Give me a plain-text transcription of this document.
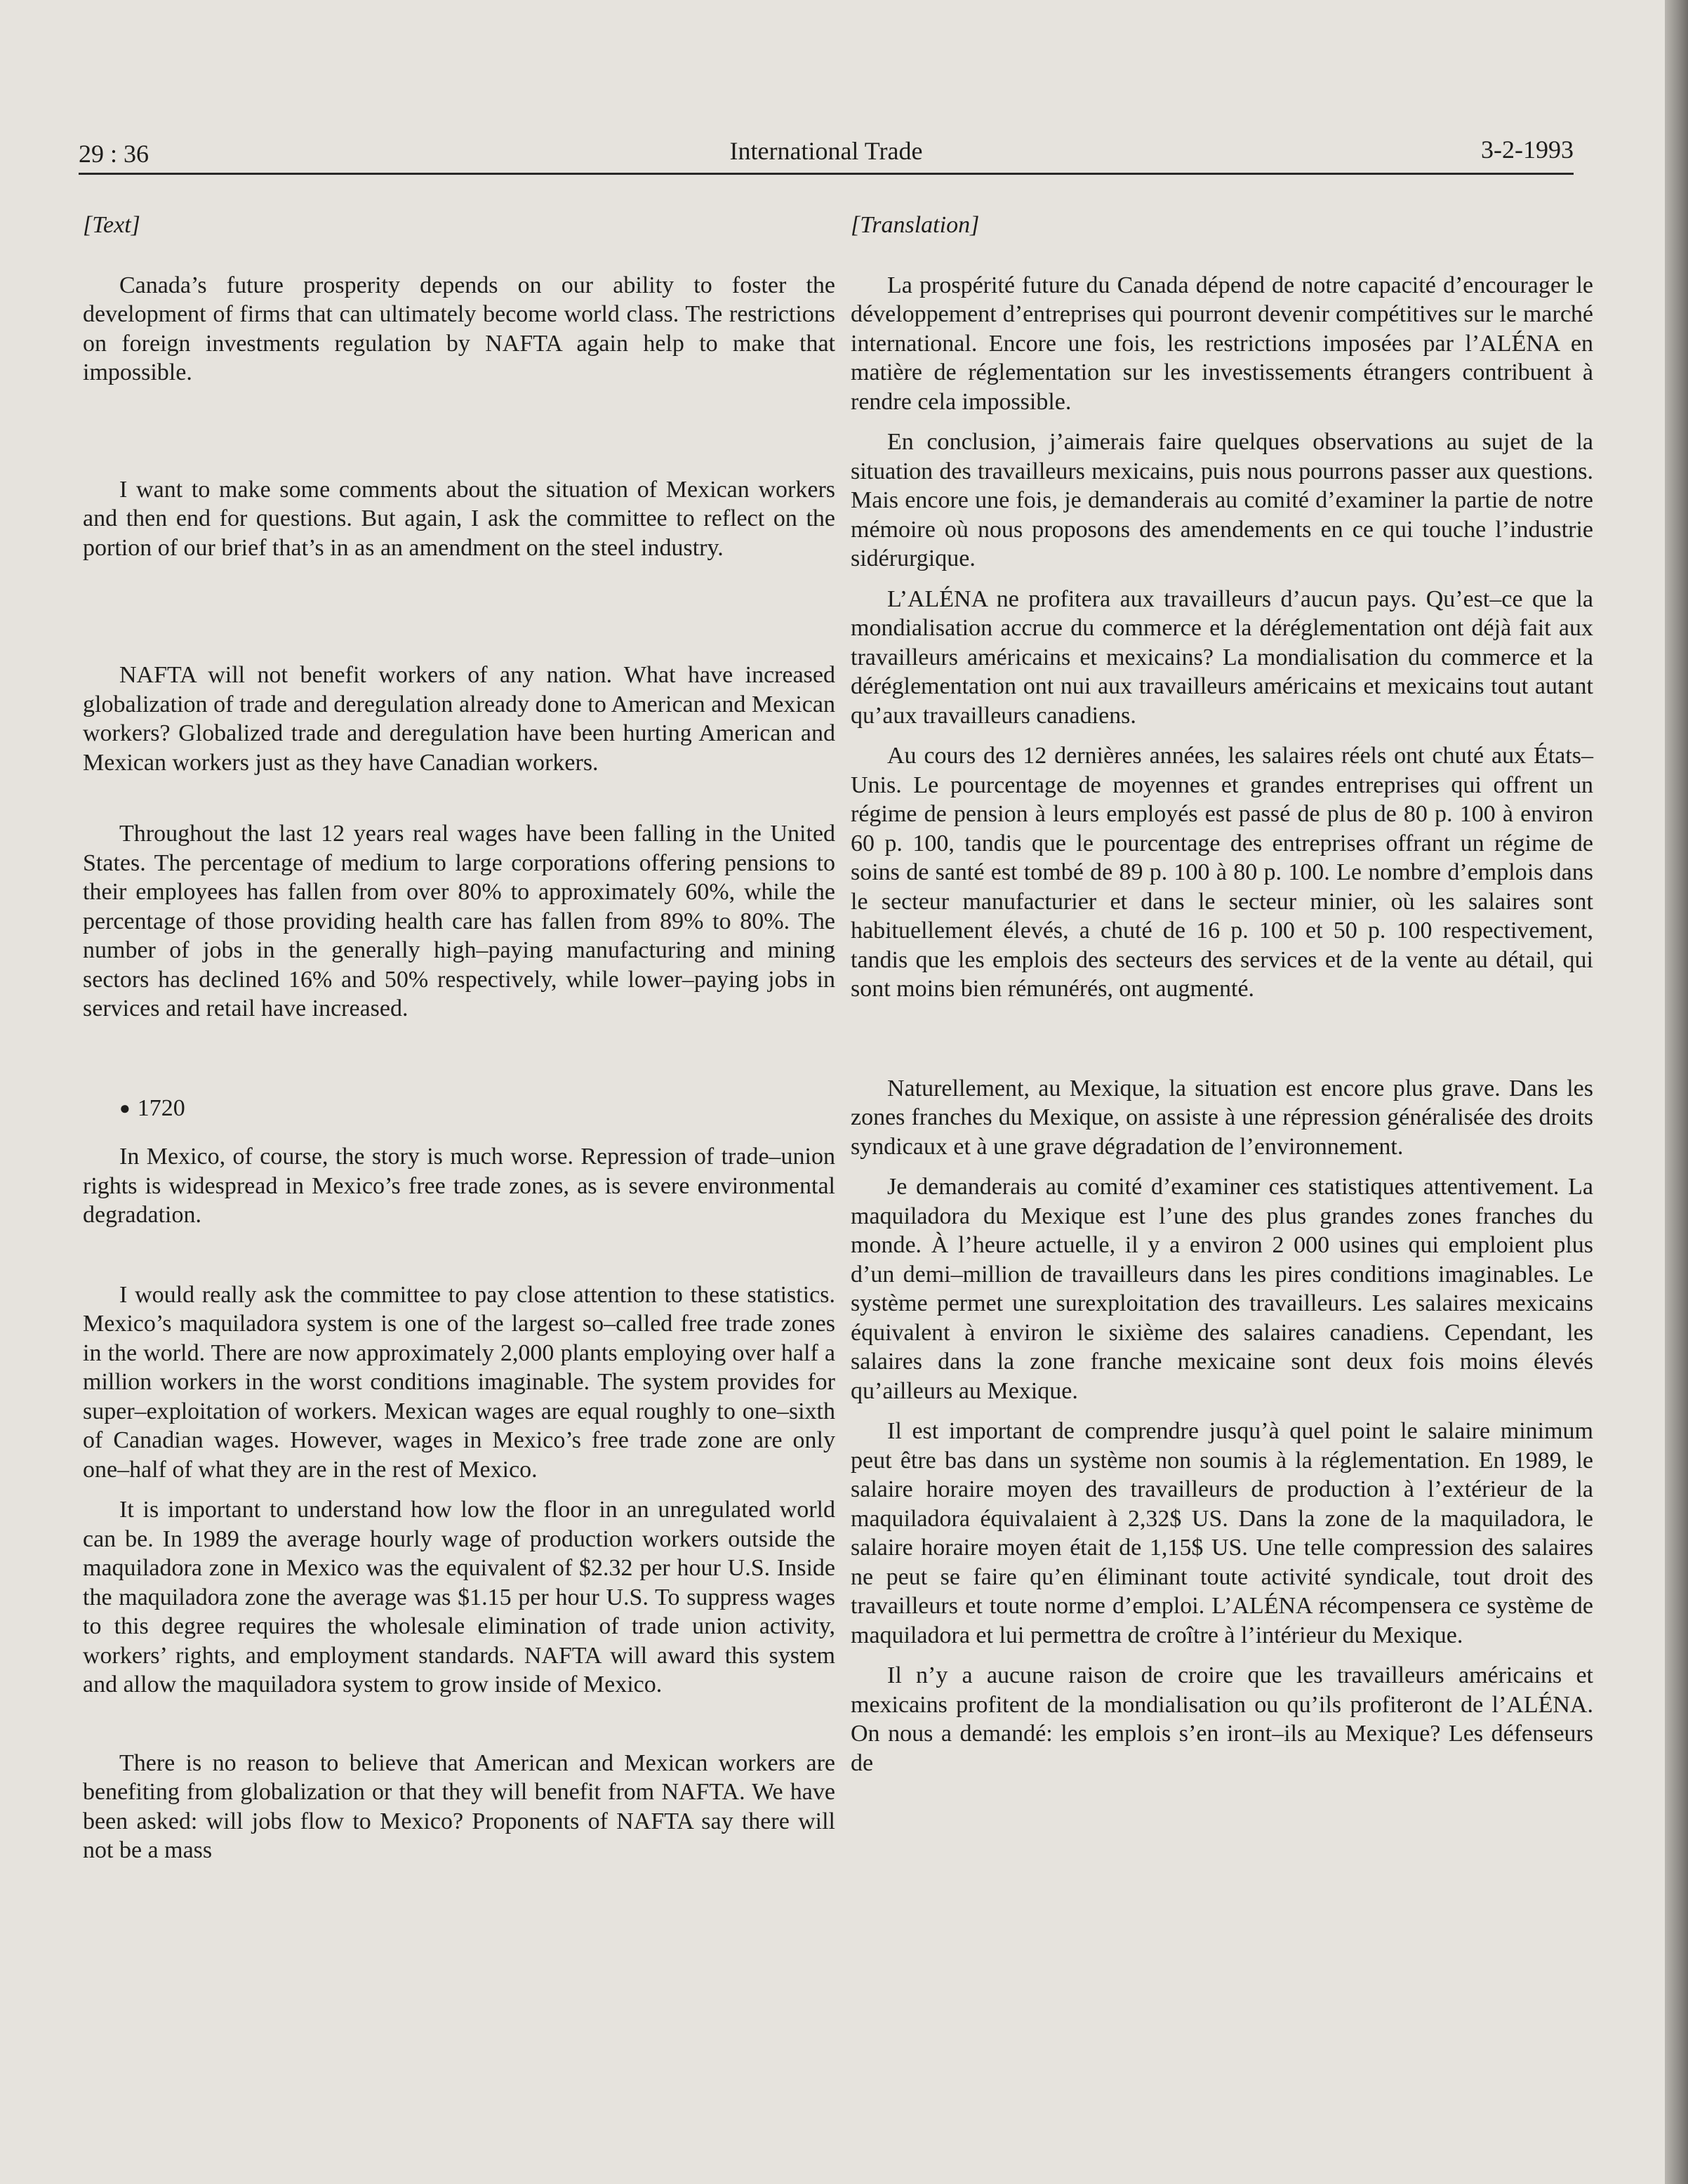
29 : 36	International Trade	3-2-1993

[Text]

Canada’s future prosperity depends on our ability to foster the development of firms that can ultimately become world class. The restrictions on foreign investments regulation by NAFTA again help to make that impossible.

I want to make some comments about the situation of Mexican workers and then end for questions. But again, I ask the committee to reflect on the portion of our brief that’s in as an amendment on the steel industry.

NAFTA will not benefit workers of any nation. What have increased globalization of trade and deregulation already done to American and Mexican workers? Globalized trade and deregulation have been hurting American and Mexican workers just as they have Canadian workers.

Throughout the last 12 years real wages have been falling in the United States. The percentage of medium to large corporations offering pensions to their employees has fallen from over 80% to approximately 60%, while the percentage of those providing health care has fallen from 89% to 80%. The number of jobs in the generally high–paying manufacturing and mining sectors has declined 16% and 50% respectively, while lower–paying jobs in services and retail have increased.

● 1720

In Mexico, of course, the story is much worse. Repression of trade–union rights is widespread in Mexico’s free trade zones, as is severe environmental degradation.

I would really ask the committee to pay close attention to these statistics. Mexico’s maquiladora system is one of the largest so–called free trade zones in the world. There are now approximately 2,000 plants employing over half a million workers in the worst conditions imaginable. The system provides for super–exploitation of workers. Mexican wages are equal roughly to one–sixth of Canadian wages. However, wages in Mexico’s free trade zone are only one–half of what they are in the rest of Mexico.

It is important to understand how low the floor in an unregulated world can be. In 1989 the average hourly wage of production workers outside the maquiladora zone in Mexico was the equivalent of $2.32 per hour U.S. Inside the maquiladora zone the average was $1.15 per hour U.S. To suppress wages to this degree requires the wholesale elimination of trade union activity, workers’ rights, and employment standards. NAFTA will award this system and allow the maquiladora system to grow inside of Mexico.

There is no reason to believe that American and Mexican workers are benefiting from globalization or that they will benefit from NAFTA. We have been asked: will jobs flow to Mexico? Proponents of NAFTA say there will not be a mass

[Translation]

La prospérité future du Canada dépend de notre capacité d’encourager le développement d’entreprises qui pourront devenir compétitives sur le marché international. Encore une fois, les restrictions imposées par l’ALÉNA en matière de réglementation sur les investissements étrangers contribuent à rendre cela impossible.

En conclusion, j’aimerais faire quelques observations au sujet de la situation des travailleurs mexicains, puis nous pourrons passer aux questions. Mais encore une fois, je demanderais au comité d’examiner la partie de notre mémoire où nous proposons des amendements en ce qui touche l’industrie sidérurgique.

L’ALÉNA ne profitera aux travailleurs d’aucun pays. Qu’est–ce que la mondialisation accrue du commerce et la déréglementation ont déjà fait aux travailleurs américains et mexicains? La mondialisation du commerce et la déréglementation ont nui aux travailleurs américains et mexicains tout autant qu’aux travailleurs canadiens.

Au cours des 12 dernières années, les salaires réels ont chuté aux États–Unis. Le pourcentage de moyennes et grandes entreprises qui offrent un régime de pension à leurs employés est passé de plus de 80 p. 100 à environ 60 p. 100, tandis que le pourcentage des entreprises offrant un régime de soins de santé est tombé de 89 p. 100 à 80 p. 100. Le nombre d’emplois dans le secteur manufacturier et dans le secteur minier, où les salaires sont habituellement élevés, a chuté de 16 p. 100 et 50 p. 100 respectivement, tandis que les emplois des secteurs des services et de la vente au détail, qui sont moins bien rémunérés, ont augmenté.

Naturellement, au Mexique, la situation est encore plus grave. Dans les zones franches du Mexique, on assiste à une répression généralisée des droits syndicaux et à une grave dégradation de l’environnement.

Je demanderais au comité d’examiner ces statistiques attentivement. La maquiladora du Mexique est l’une des plus grandes zones franches du monde. À l’heure actuelle, il y a environ 2 000 usines qui emploient plus d’un demi–million de travailleurs dans les pires conditions imaginables. Le système permet une surexploitation des travailleurs. Les salaires mexicains équivalent à environ le sixième des salaires canadiens. Cependant, les salaires dans la zone franche mexicaine sont deux fois moins élevés qu’ailleurs au Mexique.

Il est important de comprendre jusqu’à quel point le salaire minimum peut être bas dans un système non soumis à la réglementation. En 1989, le salaire horaire moyen des travailleurs de production à l’extérieur de la maquiladora équivalaient à 2,32$ US. Dans la zone de la maquiladora, le salaire horaire moyen était de 1,15$ US. Une telle compression des salaires ne peut se faire qu’en éliminant toute activité syndicale, tout droit des travailleurs et toute norme d’emploi. L’ALÉNA récompensera ce système de maquiladora et lui permettra de croître à l’intérieur du Mexique.

Il n’y a aucune raison de croire que les travailleurs américains et mexicains profitent de la mondialisation ou qu’ils profiteront de l’ALÉNA. On nous a demandé: les emplois s’en iront–ils au Mexique? Les défenseurs de
